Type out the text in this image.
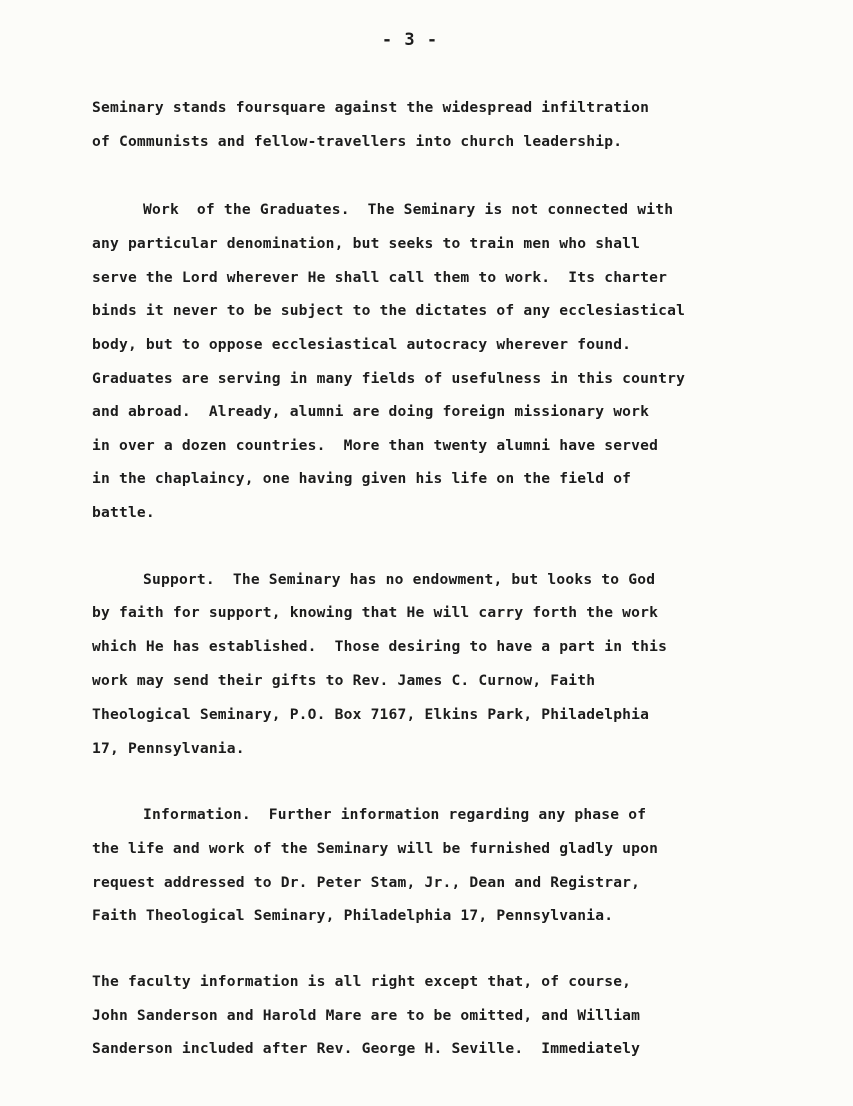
- 3 -
Seminary stands foursquare against the widespread infiltration
of Communists and fellow-travellers into church leadership.
Work  of the Graduates.  The Seminary is not connected with
any particular denomination, but seeks to train men who shall
serve the Lord wherever He shall call them to work.  Its charter
binds it never to be subject to the dictates of any ecclesiastical
body, but to oppose ecclesiastical autocracy wherever found.
Graduates are serving in many fields of usefulness in this country
and abroad.  Already, alumni are doing foreign missionary work
in over a dozen countries.  More than twenty alumni have served
in the chaplaincy, one having given his life on the field of
battle.
Support.  The Seminary has no endowment, but looks to God
by faith for support, knowing that He will carry forth the work
which He has established.  Those desiring to have a part in this
work may send their gifts to Rev. James C. Curnow, Faith
Theological Seminary, P.O. Box 7167, Elkins Park, Philadelphia
17, Pennsylvania.
Information.  Further information regarding any phase of
the life and work of the Seminary will be furnished gladly upon
request addressed to Dr. Peter Stam, Jr., Dean and Registrar,
Faith Theological Seminary, Philadelphia 17, Pennsylvania.
The faculty information is all right except that, of course,
John Sanderson and Harold Mare are to be omitted, and William
Sanderson included after Rev. George H. Seville.  Immediately
